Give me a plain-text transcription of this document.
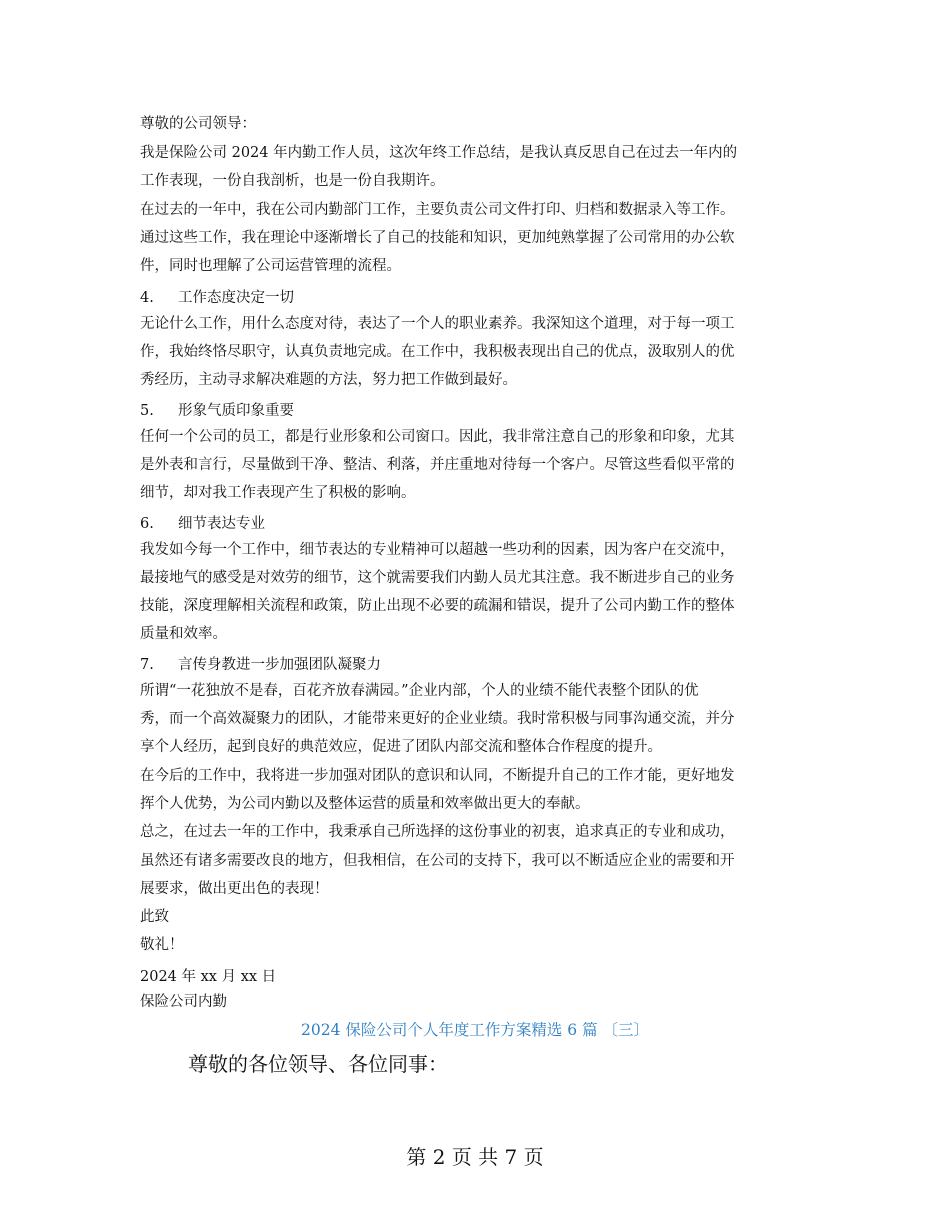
尊敬的公司领导：
我是保险公司 2024 年内勤工作人员，这次年终工作总结，是我认真反思自己在过去一年内的
工作表现，一份自我剖析，也是一份自我期许。
在过去的一年中，我在公司内勤部门工作，主要负责公司文件打印、归档和数据录入等工作。
通过这些工作，我在理论中逐渐增长了自己的技能和知识，更加纯熟掌握了公司常用的办公软
件，同时也理解了公司运营管理的流程。
4. 工作态度决定一切
无论什么工作，用什么态度对待，表达了一个人的职业素养。我深知这个道理，对于每一项工
作，我始终恪尽职守，认真负责地完成。在工作中，我积极表现出自己的优点，汲取别人的优
秀经历，主动寻求解决难题的方法，努力把工作做到最好。
5. 形象气质印象重要
任何一个公司的员工，都是行业形象和公司窗口。因此，我非常注意自己的形象和印象，尤其
是外表和言行，尽量做到干净、整洁、利落，并庄重地对待每一个客户。尽管这些看似平常的
细节，却对我工作表现产生了积极的影响。
6. 细节表达专业
我发如今每一个工作中，细节表达的专业精神可以超越一些功利的因素，因为客户在交流中，
最接地气的感受是对效劳的细节，这个就需要我们内勤人员尤其注意。我不断进步自己的业务
技能，深度理解相关流程和政策，防止出现不必要的疏漏和错误，提升了公司内勤工作的整体
质量和效率。
7. 言传身教进一步加强团队凝聚力
所谓“一花独放不是春，百花齐放春满园。”企业内部，个人的业绩不能代表整个团队的优
秀，而一个高效凝聚力的团队，才能带来更好的企业业绩。我时常积极与同事沟通交流，并分
享个人经历，起到良好的典范效应，促进了团队内部交流和整体合作程度的提升。
在今后的工作中，我将进一步加强对团队的意识和认同，不断提升自己的工作才能，更好地发
挥个人优势，为公司内勤以及整体运营的质量和效率做出更大的奉献。
总之，在过去一年的工作中，我秉承自己所选择的这份事业的初衷，追求真正的专业和成功，
虽然还有诸多需要改良的地方，但我相信，在公司的支持下，我可以不断适应企业的需要和开
展要求，做出更出色的表现！
此致
敬礼！
2024 年 xx 月 xx 日
保险公司内勤
2024 保险公司个人年度工作方案精选 6 篇 〔三〕
尊敬的各位领导、各位同事：
第 2 页 共 7 页
